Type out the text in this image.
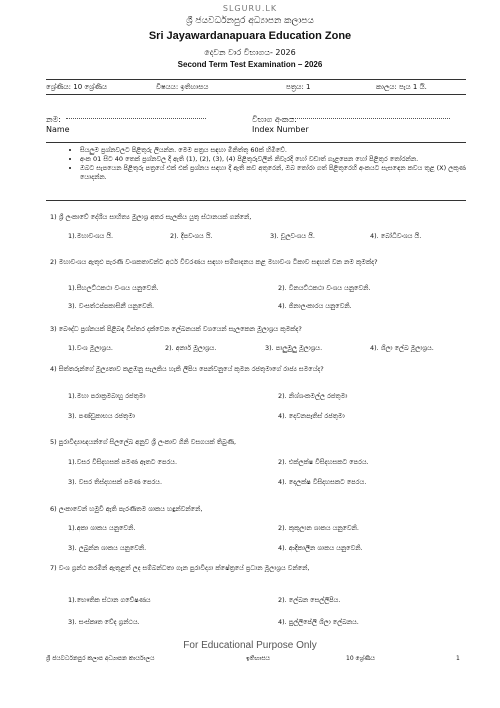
SLGURU.LK
ශ්‍රී ජයවර්ධනපුර අධ්‍යාපන කලාපය
Sri Jayawardanapuara Education Zone
දෙවන වාර විභාගය- 2026
Second Term Test Examination – 2026
ශ්‍රේණිය: 10 ශ්‍රේණිය	විෂයය: ඉතිහාසය	පත්‍රය: 1	කාලය: පැය 1 යි.
නම:
Name
විභාග අංකය:
Index Number
• සියලුම ප්‍රශ්නවලට පිළිතුරු ලියන්න. මෙම පත්‍රය සඳහා මිනිත්තු 60ක් හිමිවේ.
• අංක 01 සිට 40 තෙක් ප්‍රශ්නවල දී ඇති (1), (2), (3), (4) පිළිතුරුවලින් නිවැරදි හෝ වඩාත් ගැළපෙන හෝ පිළිතුර තෝරන්න.
• ඔබට සැපයෙන පිළිතුරු පත්‍රයේ එක් එක් ප්‍රශ්නය සඳහා දී ඇති කව අතුරෙන්, ඔබ තෝරා ගත් පිළිතුරෙහි අංකයට සැසඳෙන කවය තුළ (X) ලකුණ යොදන්න.
1) ශ්‍රී ලංකාවේ දේශීය සාහිත්‍ය මුලාශ්‍ර අතර සැලකිය යුතු ස්ථානයක් ගන්නේ,
1).මහාවංශය යි.	2). දීපවංශය යි.	3). චූලවංශය යි.	4). බෝධිවංශය යි.
2) මහාවංශය ඇතුළු පැරණි වංශකතාවන්ට අර්ථ විවරණය සඳහා සම්පාදනය කළ මහාවංශ ටීකාව සඳහන් වන නම කුමක්ද?
1).සීහලට්ඨකථා වංශය යනුවෙනි.	2). විනයට්ඨකථා වංශය යනුවෙනි.
3). වංසත්ථප්පකාසිනී යනුවෙනි.	4). ජිනාලංකාරය යනුවෙනි.
3) බෞද්ධ ප්‍රශ්නයක් පිළිබඳ විස්තර දක්වෙන ලේඛනයක් වශයෙන් සැලකෙන මූලාශ්‍රය කුමක්ද?
1).වංශ මූලාශ්‍රය.	2). අනාර් මූලාශ්‍රය.	3). පාලුමුලු මූලාශ්‍රය.	4). ශිලා ලේඛ මූලාශ්‍රය.
4) සිත්තරුන්ගේ මූල්‍යතාව කළඹනු සැලකිය හැකි ලිපිය පෙන්වනුයේ කුමන රජතුමාගේ රාජ්‍ය සමයේද?
1).මහා පරාක්‍රමබාහු රජතුමා	2). නිශ්ශංකමල්ල රජතුමා
3). පණ්ඩුකාභය රජතුමා	4). දෙවනපෑතිස් රජතුමා
5) පුරාවිද්‍යාඥයන්ගේ සිලලේඛ අනුව ශ්‍රී ලංකාව ගිනි වසගයක් තිබුණි,
1).වසර විසිදහසක් පමණ ඈතට පෙරය.	2). එක්ලක්ෂ විසිදහසකට පෙරය.
3). වසර තිස්දහසක් පමණ පෙරය.	4). දෙලක්ෂ විසිදහසකට පෙරය.
6) ලංකාවෙන් හමුවී ඇති පැරණිතම ශාකය හඳුන්වන්නේ,
1).අකා ශාකය යනුවෙනි.	2). කුකුලාන ශාකය යනුවෙනි.
3). ලබුන්න ශාකය යනුවෙනි.	4). ආදිකාලීන ශාකය යනුවෙනි.
7) වංශ ග්‍රන්ථ කරමින් ඇතුළත් ලද සම්බන්ධතා ගැන පුරාවිද්‍යා ක්ෂේත්‍රයේ ප්‍රධාන මූලාශ්‍රය වන්නේ,
1).භෞතික ස්ථාන ගවේෂණය	2). ලේඛන සෙල්ලිපිය.
3). සංස්කෘත වේද ග්‍රන්ථය.	4). පුල්ලිපේලි ශිලා ලේඛනය.
For Educational Purpose Only
ශ්‍රී ජයවර්ධනපුර කලාප අධ්‍යාපන කාර්යාලය	ඉතිහාසය	10 ශ්‍රේණිය	1
